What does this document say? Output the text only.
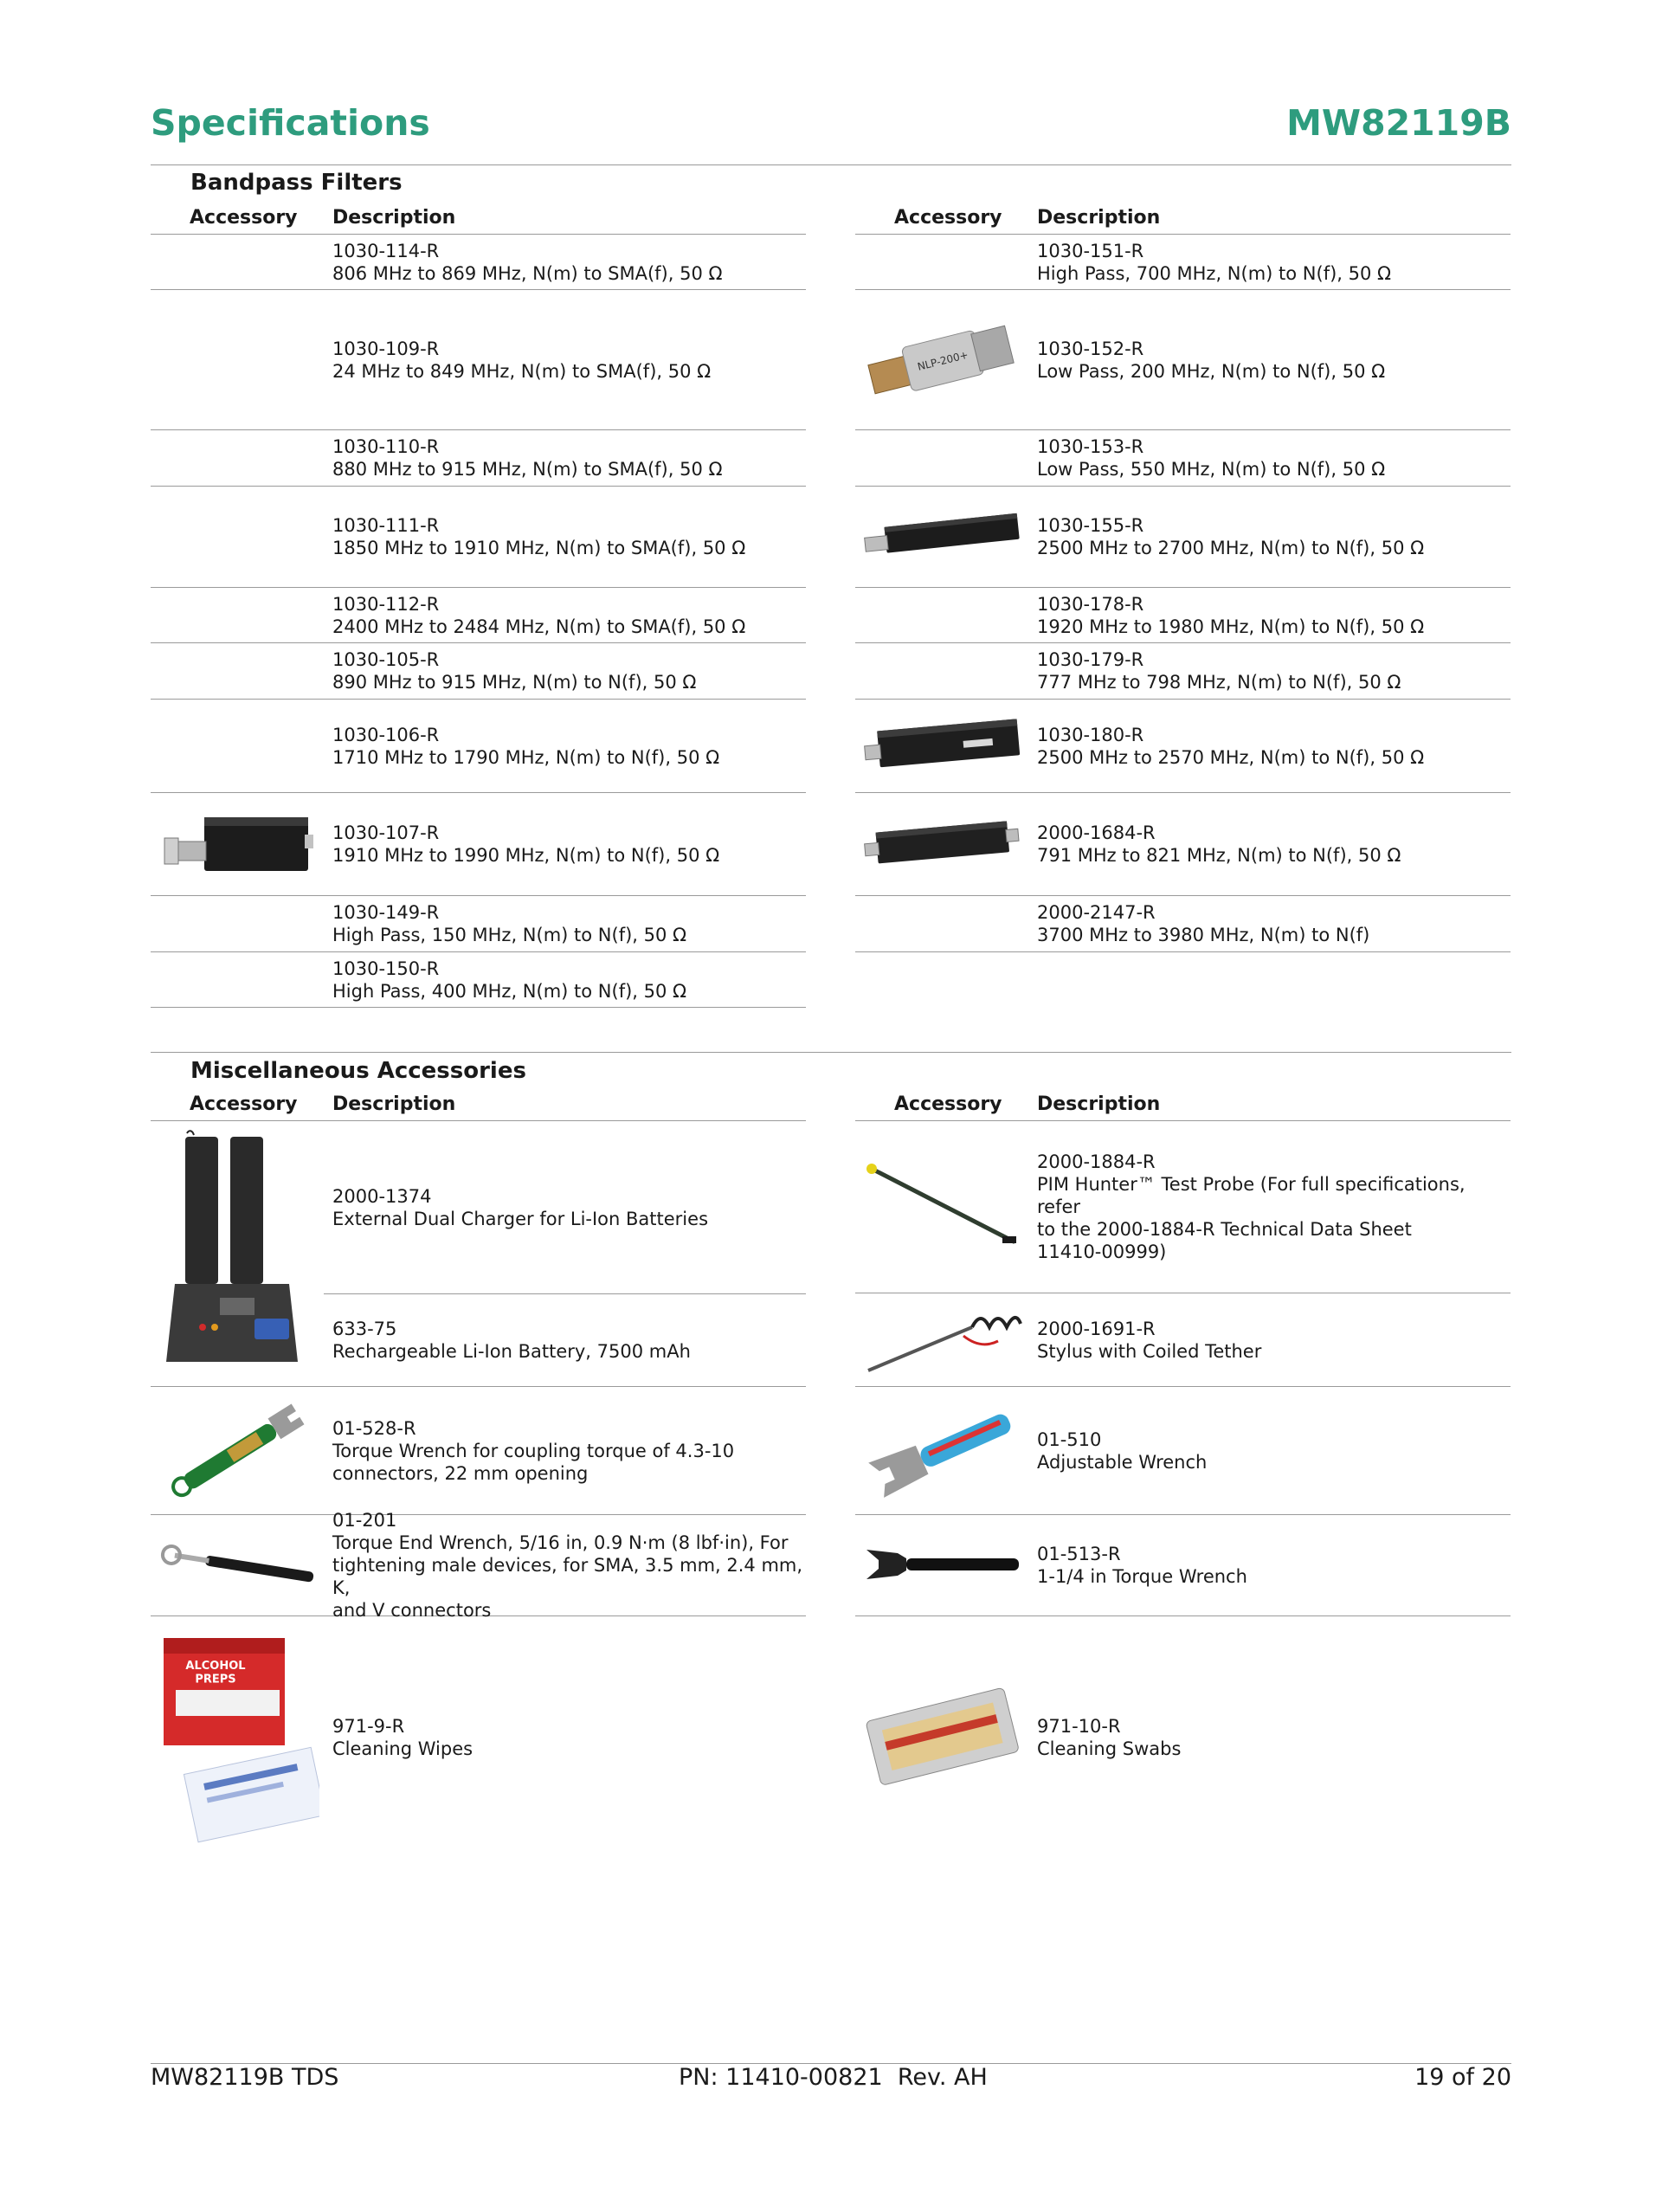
Specifications	MW82119B
Bandpass Filters
Accessory Description
1030-114-R
806 MHz to 869 MHz, N(m) to SMA(f), 50 Ω
1030-109-R
24 MHz to 849 MHz, N(m) to SMA(f), 50 Ω
1030-110-R
880 MHz to 915 MHz, N(m) to SMA(f), 50 Ω
1030-111-R
1850 MHz to 1910 MHz, N(m) to SMA(f), 50 Ω
1030-112-R
2400 MHz to 2484 MHz, N(m) to SMA(f), 50 Ω
1030-105-R
890 MHz to 915 MHz, N(m) to N(f), 50 Ω
1030-106-R
1710 MHz to 1790 MHz, N(m) to N(f), 50 Ω
1030-107-R
1910 MHz to 1990 MHz, N(m) to N(f), 50 Ω
1030-149-R
High Pass, 150 MHz, N(m) to N(f), 50 Ω
1030-150-R
High Pass, 400 MHz, N(m) to N(f), 50 Ω
Accessory Description
1030-151-R
High Pass, 700 MHz, N(m) to N(f), 50 Ω
NLP-200+	1030-152-R
Low Pass, 200 MHz, N(m) to N(f), 50 Ω
1030-153-R
Low Pass, 550 MHz, N(m) to N(f), 50 Ω
1030-155-R
2500 MHz to 2700 MHz, N(m) to N(f), 50 Ω
1030-178-R
1920 MHz to 1980 MHz, N(m) to N(f), 50 Ω
1030-179-R
777 MHz to 798 MHz, N(m) to N(f), 50 Ω
1030-180-R
2500 MHz to 2570 MHz, N(m) to N(f), 50 Ω
2000-1684-R
791 MHz to 821 MHz, N(m) to N(f), 50 Ω
2000-2147-R
3700 MHz to 3980 MHz, N(m) to N(f)
Miscellaneous Accessories
Accessory Description
2000-1374
External Dual Charger for Li-Ion Batteries
633-75
Rechargeable Li-Ion Battery, 7500 mAh
01-528-R
Torque Wrench for coupling torque of 4.3-10
connectors, 22 mm opening
01-201
Torque End Wrench, 5/16 in, 0.9 N·m (8 lbf·in), For
tightening male devices, for SMA, 3.5 mm, 2.4 mm, K,
and V connectors
ALCOHOL PREPS
971-9-R
Cleaning Wipes
Accessory Description
2000-1884-R
PIM Hunter™ Test Probe (For full specifications, refer
to the 2000-1884-R Technical Data Sheet
11410-00999)
2000-1691-R
Stylus with Coiled Tether
01-510
Adjustable Wrench
01-513-R
1-1/4 in Torque Wrench
971-10-R
Cleaning Swabs
MW82119B TDS	PN: 11410-00821  Rev. AH	19 of 20
